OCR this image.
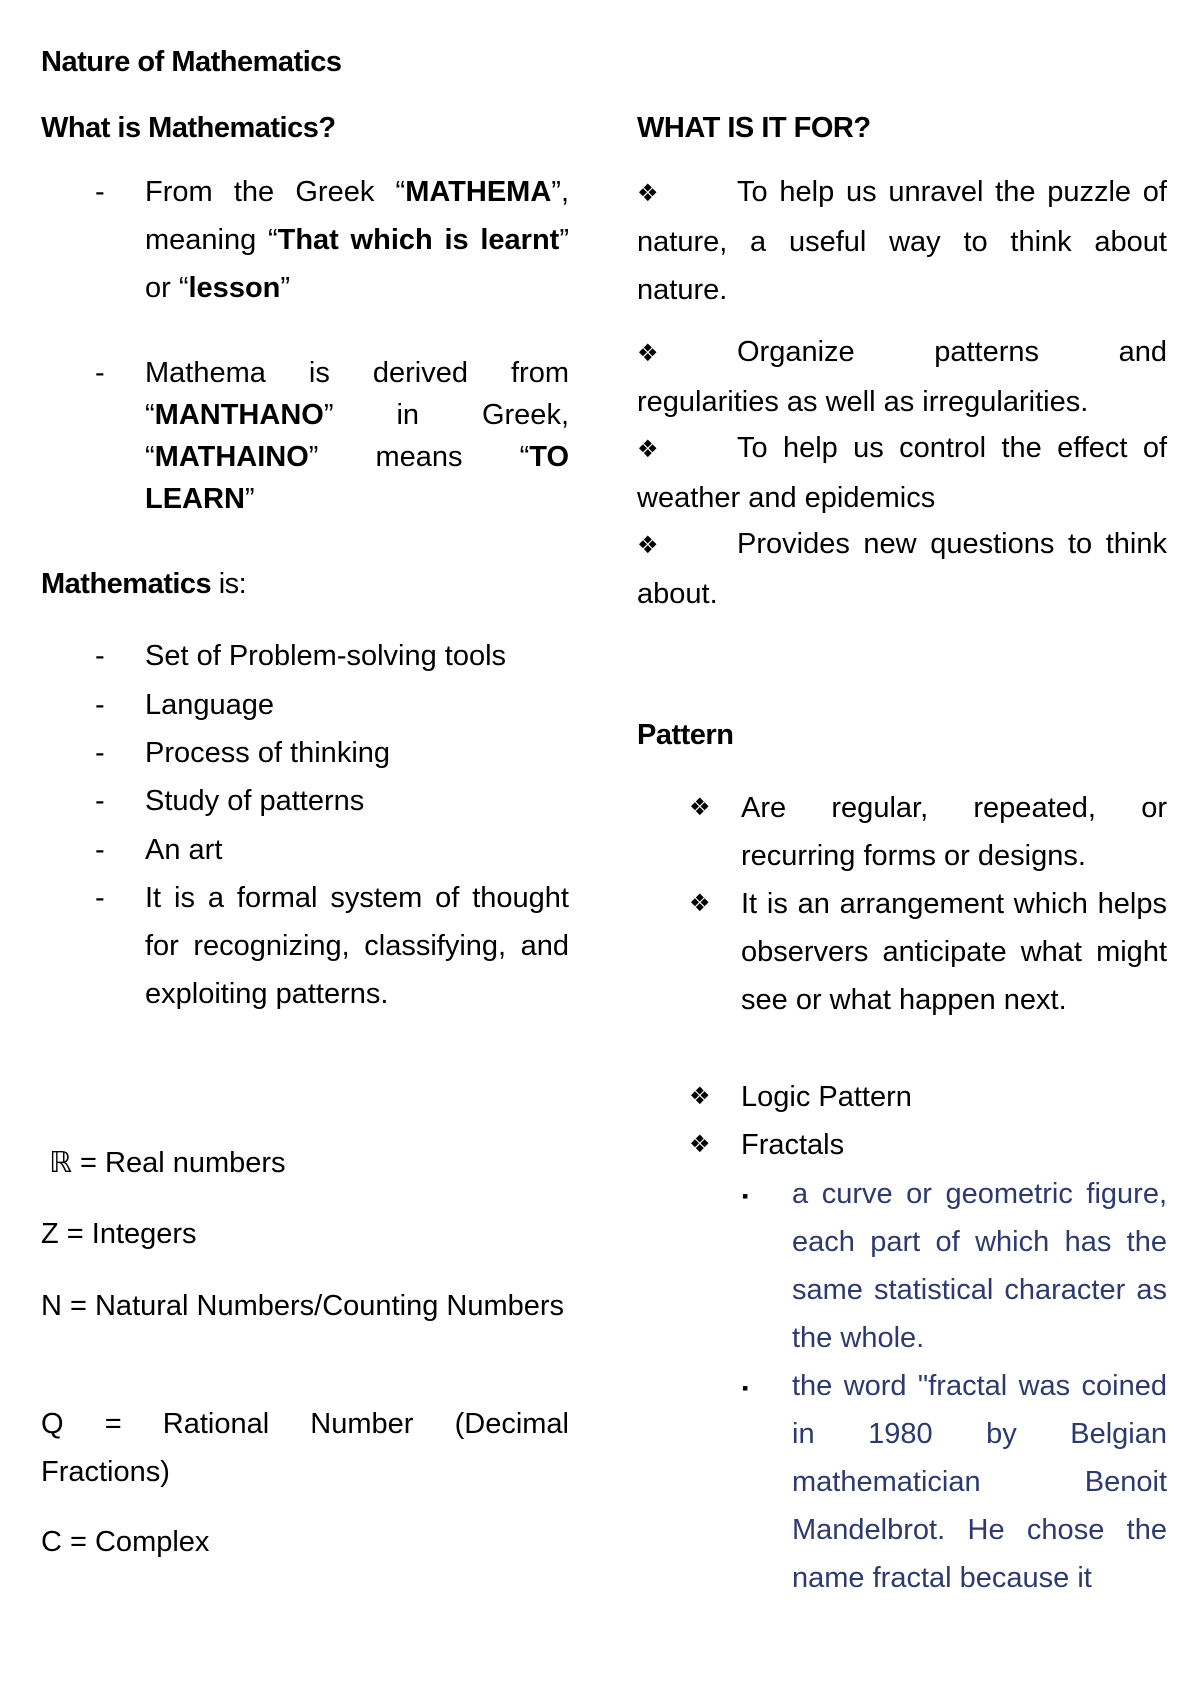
Nature of Mathematics
What is Mathematics?
- From the Greek “MATHEMA”, meaning “That which is learnt” or “lesson”
- Mathema is derived from “MANTHANO” in Greek, “MATHAINO” means “TO LEARN”
Mathematics is:
- Set of Problem-solving tools
- Language
- Process of thinking
- Study of patterns
- An art
- It is a formal system of thought for recognizing, classifying, and exploiting patterns.
ℝ = Real numbers
Z = Integers
N = Natural Numbers/Counting Numbers
Q = Rational Number (Decimal Fractions)
C = Complex
WHAT IS IT FOR?
❖	To help us unravel the puzzle of nature, a useful way to think about nature.
❖	Organize patterns and regularities as well as irregularities.
❖	To help us control the effect of weather and epidemics
❖	Provides new questions to think about.
Pattern
❖ Are regular, repeated, or recurring forms or designs.
❖ It is an arrangement which helps observers anticipate what might see or what happen next.
❖ Logic Pattern
❖ Fractals
▪ a curve or geometric figure, each part of which has the same statistical character as the whole.
▪ the word "fractal was coined in 1980 by Belgian mathematician Benoit Mandelbrot. He chose the name fractal because it
